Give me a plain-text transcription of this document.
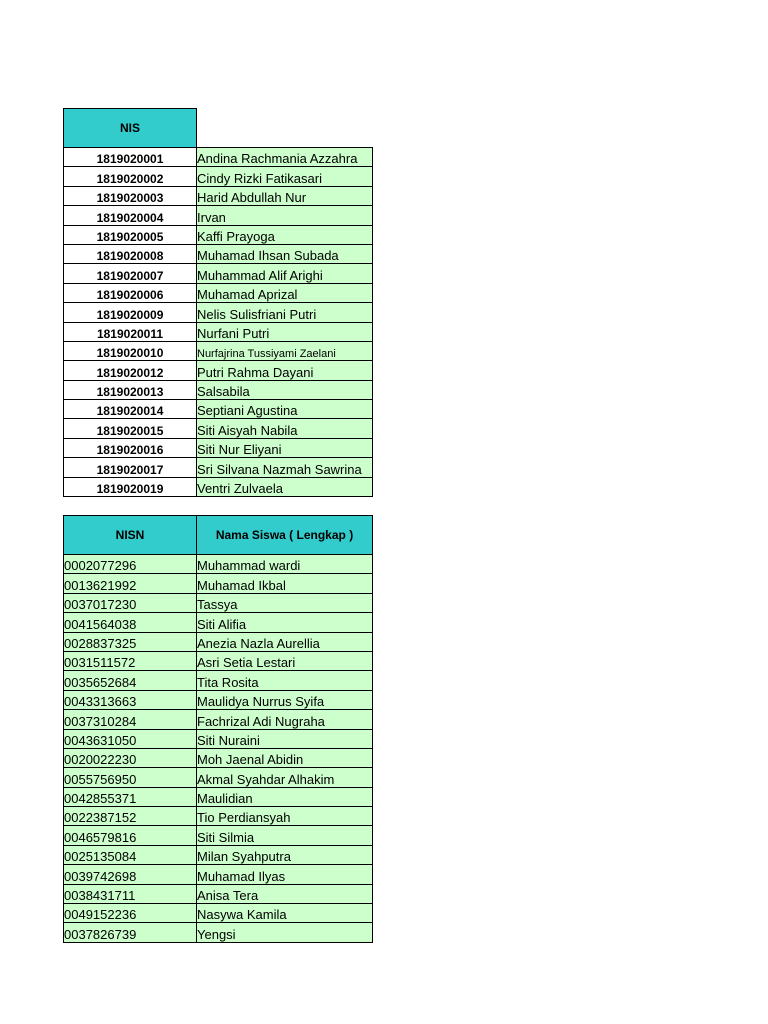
NIS	
1819020001	Andina Rachmania Azzahra
1819020002	Cindy Rizki Fatikasari
1819020003	Harid Abdullah Nur
1819020004	Irvan
1819020005	Kaffi Prayoga
1819020008	Muhamad Ihsan Subada
1819020007	Muhammad Alif Arighi
1819020006	Muhamad Aprizal
1819020009	Nelis Sulisfriani Putri
1819020011	Nurfani Putri
1819020010	Nurfajrina Tussiyami Zaelani
1819020012	Putri Rahma Dayani
1819020013	Salsabila
1819020014	Septiani Agustina
1819020015	Siti Aisyah Nabila
1819020016	Siti Nur Eliyani
1819020017	Sri Silvana Nazmah Sawrina
1819020019	Ventri Zulvaela
NISN	Nama Siswa ( Lengkap )
0002077296	Muhammad wardi
0013621992	Muhamad Ikbal
0037017230	Tassya
0041564038	Siti Alifia
0028837325	Anezia Nazla Aurellia
0031511572	Asri Setia Lestari
0035652684	Tita Rosita
0043313663	Maulidya Nurrus Syifa
0037310284	Fachrizal Adi Nugraha
0043631050	Siti Nuraini
0020022230	Moh Jaenal Abidin
0055756950	Akmal Syahdar Alhakim
0042855371	Maulidian
0022387152	Tio Perdiansyah
0046579816	Siti Silmia
0025135084	Milan Syahputra
0039742698	Muhamad Ilyas
0038431711	Anisa Tera
0049152236	Nasywa Kamila
0037826739	Yengsi
